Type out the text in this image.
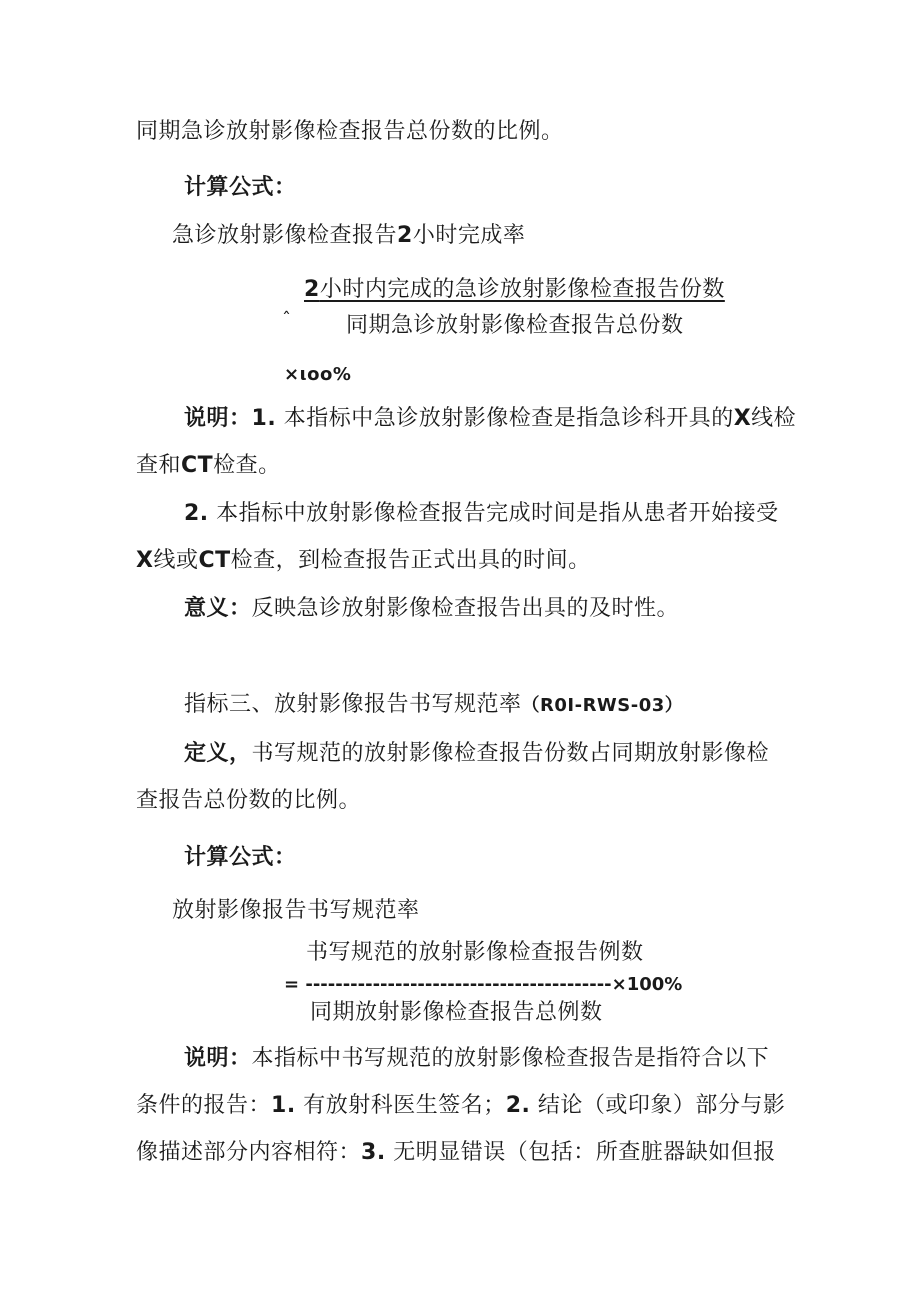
同期急诊放射影像检查报告总份数的比例。
计算公式：
急诊放射影像检查报告2小时完成率
2小时内完成的急诊放射影像检查报告份数
ˆ 同期急诊放射影像检查报告总份数
×ιoo%
说明：1. 本指标中急诊放射影像检查是指急诊科开具的X线检
查和CT检查。
2. 本指标中放射影像检查报告完成时间是指从患者开始接受
X线或CT检查，到检查报告正式出具的时间。
意义：反映急诊放射影像检查报告出具的及时性。
指标三、放射影像报告书写规范率（R0I-RWS-03）
定义，书写规范的放射影像检查报告份数占同期放射影像检
查报告总份数的比例。
计算公式：
放射影像报告书写规范率
书写规范的放射影像检查报告例数
= -----------------------------------------×100%
同期放射影像检查报告总例数
说明：本指标中书写规范的放射影像检查报告是指符合以下
条件的报告：1. 有放射科医生签名；2. 结论（或印象）部分与影
像描述部分内容相符：3. 无明显错误（包括：所查脏器缺如但报
